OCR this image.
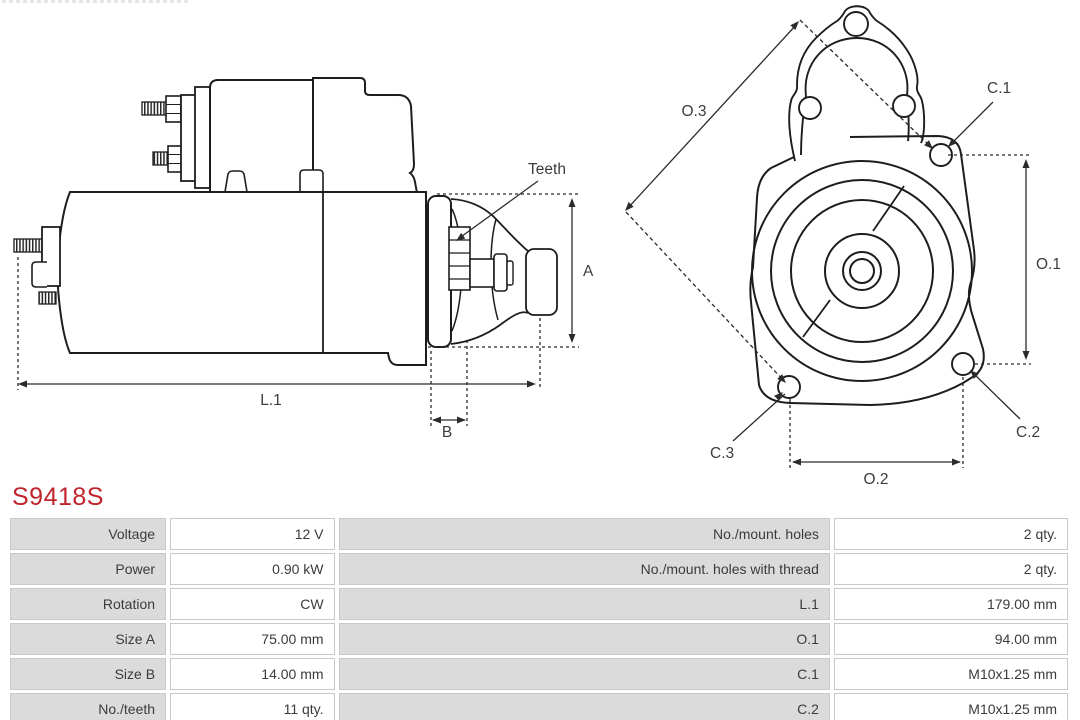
Teeth
A
L.1
B
O.3
C.1
O.1
C.2
C.3
O.2
S9418S
Voltage	12 V	No./mount. holes	2 qty.
Power	0.90 kW	No./mount. holes with thread	2 qty.
Rotation	CW	L.1	179.00 mm
Size A	75.00 mm	O.1	94.00 mm
Size B	14.00 mm	C.1	M10x1.25 mm
No./teeth	11 qty.	C.2	M10x1.25 mm
